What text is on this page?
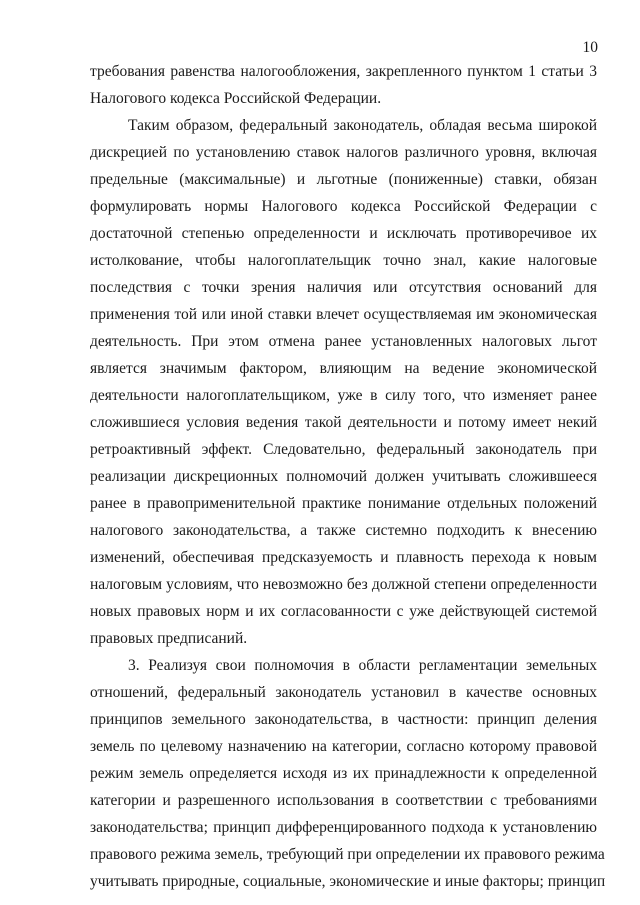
10
требования равенства налогообложения, закрепленного пунктом 1 статьи 3
Налогового кодекса Российской Федерации.
Таким образом, федеральный законодатель, обладая весьма широкой
дискрецией по установлению ставок налогов различного уровня, включая
предельные (максимальные) и льготные (пониженные) ставки, обязан
формулировать нормы Налогового кодекса Российской Федерации с
достаточной степенью определенности и исключать противоречивое их
истолкование, чтобы налогоплательщик точно знал, какие налоговые
последствия с точки зрения наличия или отсутствия оснований для
применения той или иной ставки влечет осуществляемая им экономическая
деятельность. При этом отмена ранее установленных налоговых льгот
является значимым фактором, влияющим на ведение экономической
деятельности налогоплательщиком, уже в силу того, что изменяет ранее
сложившиеся условия ведения такой деятельности и потому имеет некий
ретроактивный эффект. Следовательно, федеральный законодатель при
реализации дискреционных полномочий должен учитывать сложившееся
ранее в правоприменительной практике понимание отдельных положений
налогового законодательства, а также системно подходить к внесению
изменений, обеспечивая предсказуемость и плавность перехода к новым
налоговым условиям, что невозможно без должной степени определенности
новых правовых норм и их согласованности с уже действующей системой
правовых предписаний.
3. Реализуя свои полномочия в области регламентации земельных
отношений, федеральный законодатель установил в качестве основных
принципов земельного законодательства, в частности: принцип деления
земель по целевому назначению на категории, согласно которому правовой
режим земель определяется исходя из их принадлежности к определенной
категории и разрешенного использования в соответствии с требованиями
законодательства; принцип дифференцированного подхода к установлению
правового режима земель, требующий при определении их правового режима
учитывать природные, социальные, экономические и иные факторы; принцип
